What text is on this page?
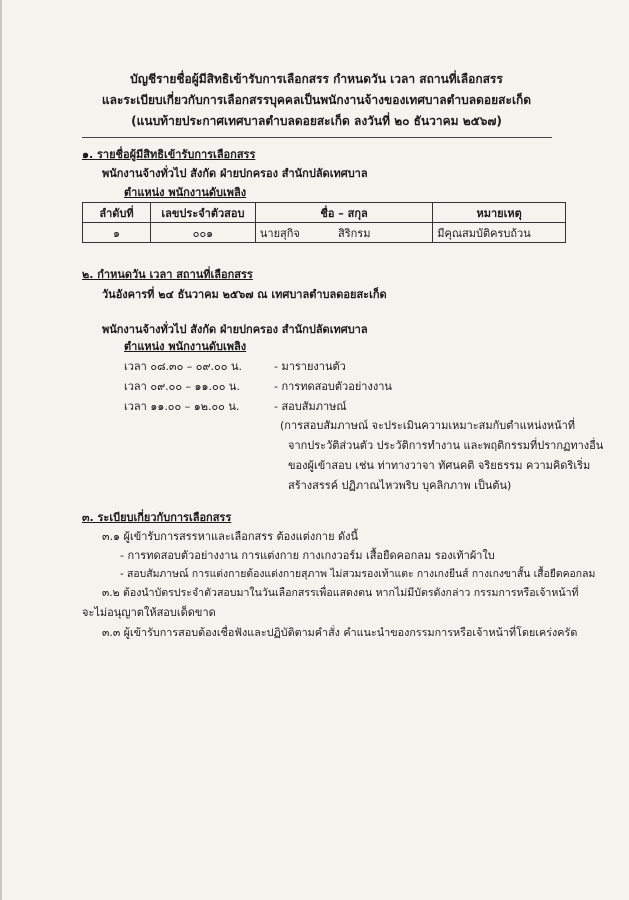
บัญชีรายชื่อผู้มีสิทธิเข้ารับการเลือกสรร กำหนดวัน เวลา สถานที่เลือกสรร
และระเบียบเกี่ยวกับการเลือกสรรบุคคลเป็นพนักงานจ้างของเทศบาลตำบลดอยสะเก็ด
(แนบท้ายประกาศเทศบาลตำบลดอยสะเก็ด ลงวันที่ ๒๐ ธันวาคม ๒๕๖๗)
๑. รายชื่อผู้มีสิทธิเข้ารับการเลือกสรร
พนักงานจ้างทั่วไป สังกัด ฝ่ายปกครอง สำนักปลัดเทศบาล
ตำแหน่ง พนักงานดับเพลิง
ลำดับที่	เลขประจำตัวสอบ	ชื่อ – สกุล		หมายเหตุ
๑	๐๐๑	นายสุกิจ	สิริกรม	มีคุณสมบัติครบถ้วน
๒. กำหนดวัน เวลา สถานที่เลือกสรร
วันอังคารที่ ๒๔ ธันวาคม ๒๕๖๗ ณ เทศบาลตำบลดอยสะเก็ด
พนักงานจ้างทั่วไป สังกัด ฝ่ายปกครอง สำนักปลัดเทศบาล
ตำแหน่ง พนักงานดับเพลิง
เวลา ๐๘.๓๐ – ๐๙.๐๐ น.	- มารายงานตัว
เวลา ๐๙.๐๐ – ๑๑.๐๐ น.	- การทดสอบตัวอย่างงาน
เวลา ๑๑.๐๐ – ๑๒.๐๐ น.	- สอบสัมภาษณ์
(การสอบสัมภาษณ์ จะประเมินความเหมาะสมกับตำแหน่งหน้าที่
จากประวัติส่วนตัว ประวัติการทำงาน และพฤติกรรมที่ปรากฏทางอื่น
ของผู้เข้าสอบ เช่น ท่าทางวาจา ทัศนคติ จริยธรรม ความคิดริเริ่ม
สร้างสรรค์ ปฏิภาณไหวพริบ บุคลิกภาพ เป็นต้น)
๓. ระเบียบเกี่ยวกับการเลือกสรร
๓.๑ ผู้เข้ารับการสรรหาและเลือกสรร ต้องแต่งกาย ดังนี้
- การทดสอบตัวอย่างงาน การแต่งกาย กางเกงวอร์ม เสื้อยืดคอกลม รองเท้าผ้าใบ
- สอบสัมภาษณ์ การแต่งกายต้องแต่งกายสุภาพ ไม่สวมรองเท้าแตะ กางเกงยีนส์ กางเกงขาสั้น เสื้อยืดคอกลม
๓.๒ ต้องนำบัตรประจำตัวสอบมาในวันเลือกสรรเพื่อแสดงตน หากไม่มีบัตรดังกล่าว กรรมการหรือเจ้าหน้าที่
จะไม่อนุญาตให้สอบเด็ดขาด
๓.๓ ผู้เข้ารับการสอบต้องเชื่อฟังและปฏิบัติตามคำสั่ง คำแนะนำของกรรมการหรือเจ้าหน้าที่โดยเคร่งครัด
